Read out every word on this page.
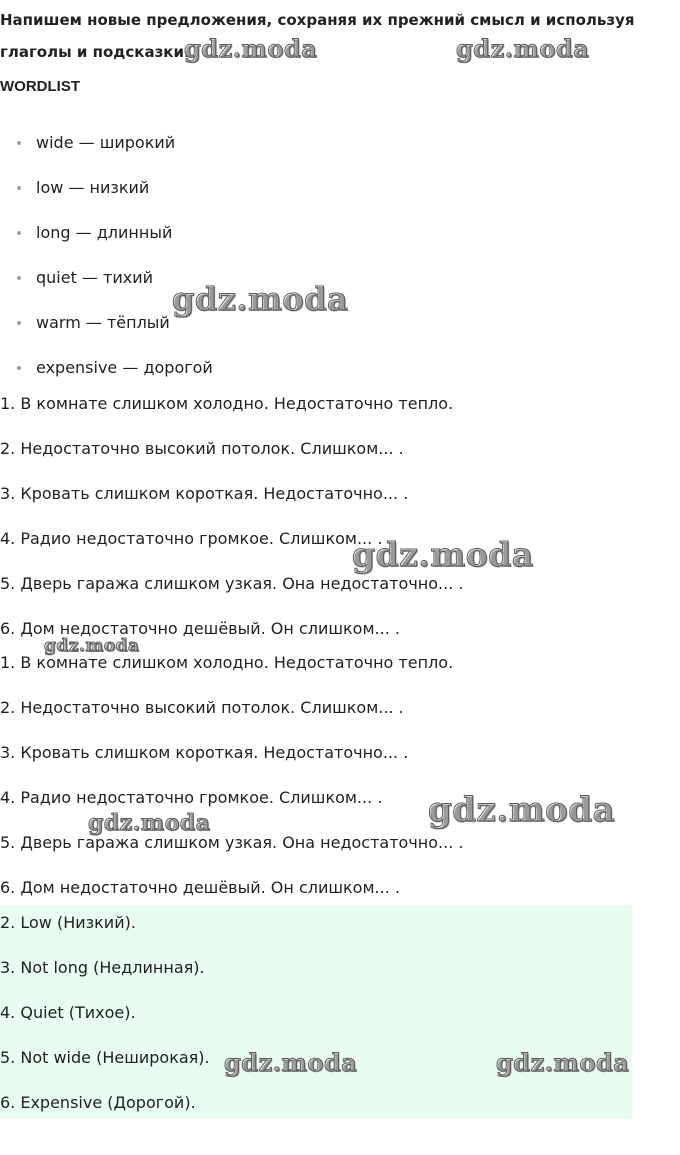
Напишем новые предложения, сохраняя их прежний смысл и используя глаголы и подсказки.
WORDLIST
wide — широкий
low — низкий
long — длинный
quiet — тихий
warm — тёплый
expensive — дорогой
1. В комнате слишком холодно. Недостаточно тепло.
2. Недостаточно высокий потолок. Слишком... .
3. Кровать слишком короткая. Недостаточно... .
4. Радио недостаточно громкое. Слишком... .
5. Дверь гаража слишком узкая. Она недостаточно... .
6. Дом недостаточно дешёвый. Он слишком... .
1. В комнате слишком холодно. Недостаточно тепло.
2. Недостаточно высокий потолок. Слишком... .
3. Кровать слишком короткая. Недостаточно... .
4. Радио недостаточно громкое. Слишком... .
5. Дверь гаража слишком узкая. Она недостаточно... .
6. Дом недостаточно дешёвый. Он слишком... .
2. Low (Низкий).
3. Not long (Недлинная).
4. Quiet (Тихое).
5. Not wide (Неширокая).
6. Expensive (Дорогой).
gdz.moda	gdz.moda
gdz.moda
gdz.moda
gdz.moda
gdz.moda
gdz.moda
gdz.moda	gdz.moda
